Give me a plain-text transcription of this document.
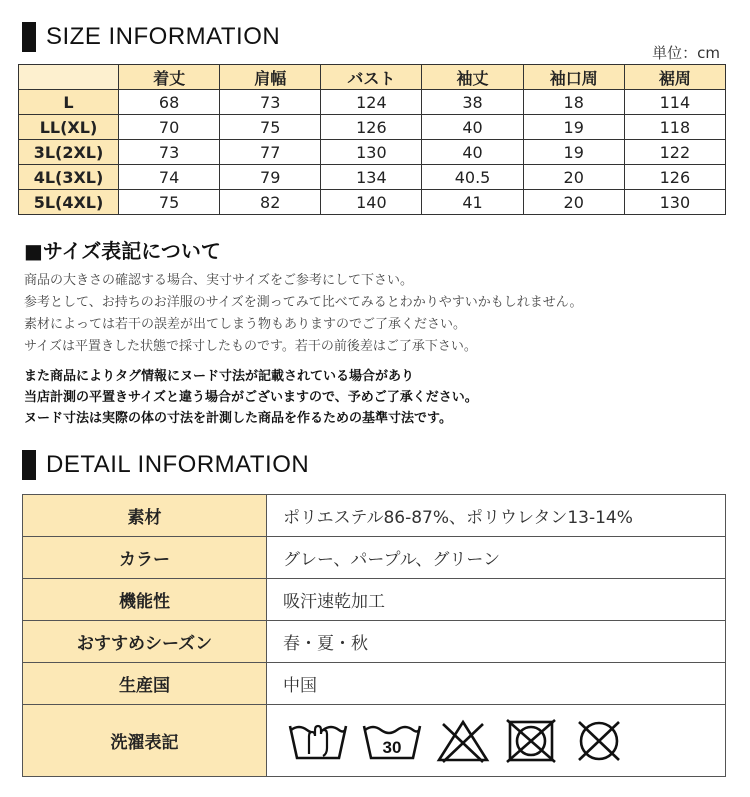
SIZE INFORMATION
単位：cm
	着丈	肩幅	バスト	袖丈	袖口周	裾周
L	68	73	124	38	18	114
LL(XL)	70	75	126	40	19	118
3L(2XL)	73	77	130	40	19	122
4L(3XL)	74	79	134	40.5	20	126
5L(4XL)	75	82	140	41	20	130
■サイズ表記について
商品の大きさの確認する場合、実寸サイズをご参考にして下さい。
参考として、お持ちのお洋服のサイズを測ってみて比べてみるとわかりやすいかもしれません。
素材によっては若干の誤差が出てしまう物もありますのでご了承ください。
サイズは平置きした状態で採寸したものです。若干の前後差はご了承下さい。
また商品によりタグ情報にヌード寸法が記載されている場合があり
当店計測の平置きサイズと違う場合がございますので、予めご了承ください。
ヌード寸法は実際の体の寸法を計測した商品を作るための基準寸法です。
DETAIL INFORMATION
素材	ポリエステル86-87%、ポリウレタン13-14%
カラー	グレー、パープル、グリーン
機能性	吸汗速乾加工
おすすめシーズン	春・夏・秋
生産国	中国
洗濯表記	30
